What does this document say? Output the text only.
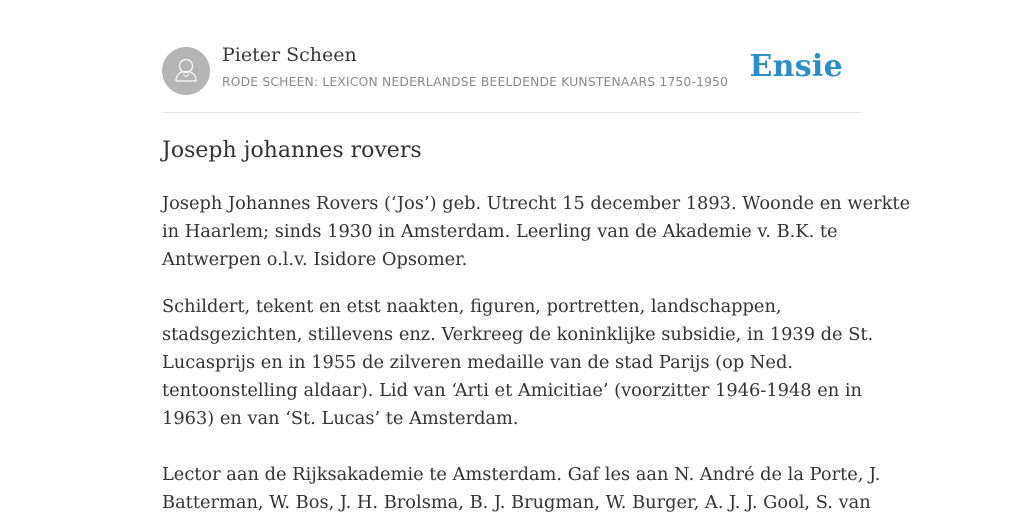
Pieter Scheen
RODE SCHEEN: LEXICON NEDERLANDSE BEELDENDE KUNSTENAARS 1750-1950 Ensie
Joseph johannes rovers

Joseph Johannes Rovers (‘Jos’) geb. Utrecht 15 december 1893. Woonde en werkte
in Haarlem; sinds 1930 in Amsterdam. Leerling van de Akademie v. B.K. te
Antwerpen o.l.v. Isidore Opsomer.

Schildert, tekent en etst naakten, figuren, portretten, landschappen,
stadsgezichten, stillevens enz. Verkreeg de koninklijke subsidie, in 1939 de St.
Lucasprijs en in 1955 de zilveren medaille van de stad Parijs (op Ned.
tentoonstelling aldaar). Lid van ‘Arti et Amicitiae’ (voorzitter 1946-1948 en in
1963) en van ‘St. Lucas’ te Amsterdam.

Lector aan de Rijksakademie te Amsterdam. Gaf les aan N. André de la Porte, J.
Batterman, W. Bos, J. H. Brolsma, B. J. Brugman, W. Burger, A. J. J. Gool, S. van
